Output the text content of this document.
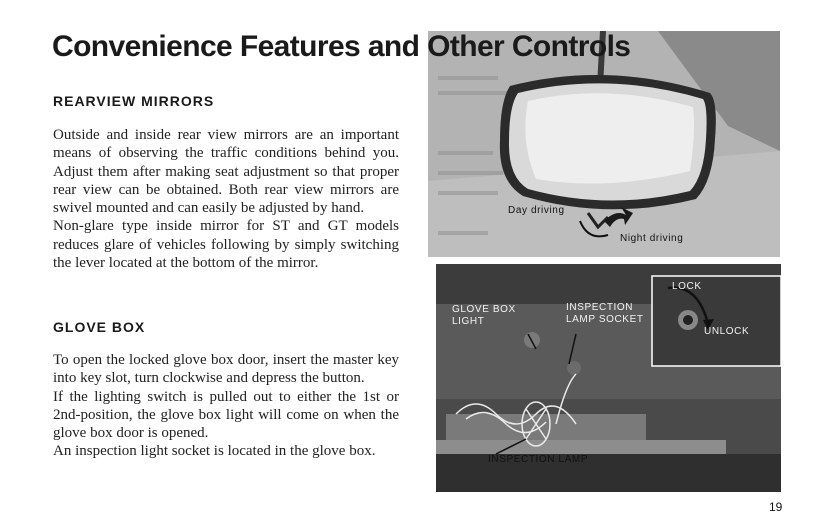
Convenience Features and Other Controls
REARVIEW MIRRORS

Outside and inside rear view mirrors are an important means of observing the traffic conditions behind you. Adjust them after making seat adjustment so that proper rear view can be obtained. Both rear view mirrors are swivel mounted and can easily be adjusted by hand.

Non-glare type inside mirror for ST and GT models reduces glare of vehicles following by simply switching the lever located at the bottom of the mirror.

GLOVE BOX

To open the locked glove box door, insert the master key into key slot, turn clockwise and depress the button.

If the lighting switch is pulled out to either the 1st or 2nd-position, the glove box light will come on when the glove box door is opened.

An inspection light socket is located in the glove box.

Day driving
Night driving
GLOVE BOX
LIGHT
INSPECTION
LAMP SOCKET
LOCK
UNLOCK
INSPECTION LAMP
19
